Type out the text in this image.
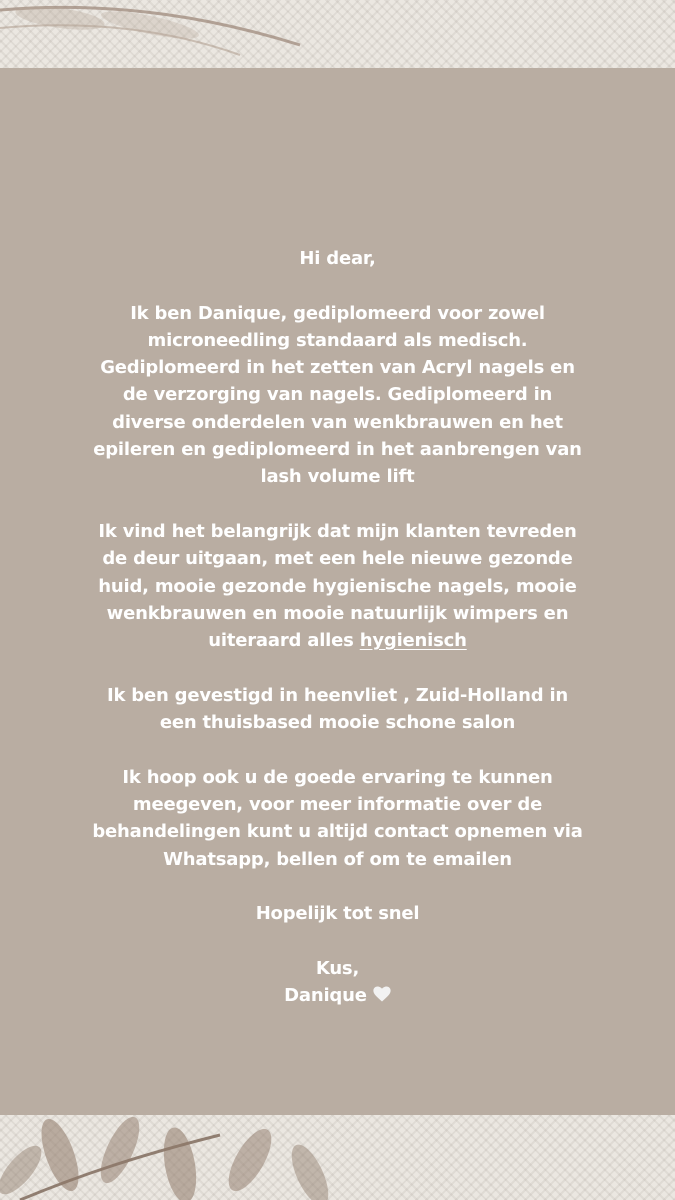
Hi dear,

Ik ben Danique, gediplomeerd voor zowel microneedling standaard als medisch. Gediplomeerd in het zetten van Acryl nagels en de verzorging van nagels. Gediplomeerd in diverse onderdelen van wenkbrauwen en het epileren en gediplomeerd in het aanbrengen van lash volume lift

Ik vind het belangrijk dat mijn klanten tevreden de deur uitgaan, met een hele nieuwe gezonde huid, mooie gezonde hygienische nagels, mooie wenkbrauwen en mooie natuurlijk wimpers en uiteraard alles hygienisch

Ik ben gevestigd in heenvliet , Zuid-Holland in een thuisbased mooie schone salon

Ik hoop ook u de goede ervaring te kunnen meegeven, voor meer informatie over de behandelingen kunt u altijd contact opnemen via Whatsapp, bellen of om te emailen

Hopelijk tot snel

Kus,
Danique
